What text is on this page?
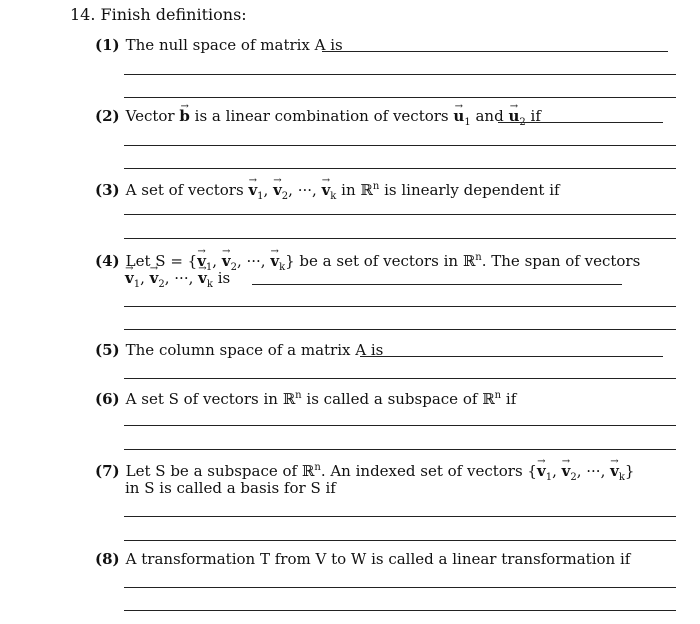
14. Finish definitions:
(1) The null space of matrix A is
(2) Vector → b is a linear combination of vectors → $u_1$ and → $u_2$ if
(3) A set of vectors → $v_1$, → $v_2$, ···, → $v_k$ in ℝ$^n$ is linearly dependent if
(4) Let S = {→ $v_1$, → $v_2$, ···, → $v_k$} be a set of vectors in ℝ$^n$. The span of vectors
→ $v_1$, → $v_2$, ···, → $v_k$ is
(5) The column space of a matrix A is
(6) A set S of vectors in ℝ$^n$ is called a subspace of ℝ$^n$ if
(7) Let S be a subspace of ℝ$^n$. An indexed set of vectors {→ $v_1$, → $v_2$, ···, → $v_k$}
in S is called a basis for S if
(8) A transformation T from V to W is called a linear transformation if
